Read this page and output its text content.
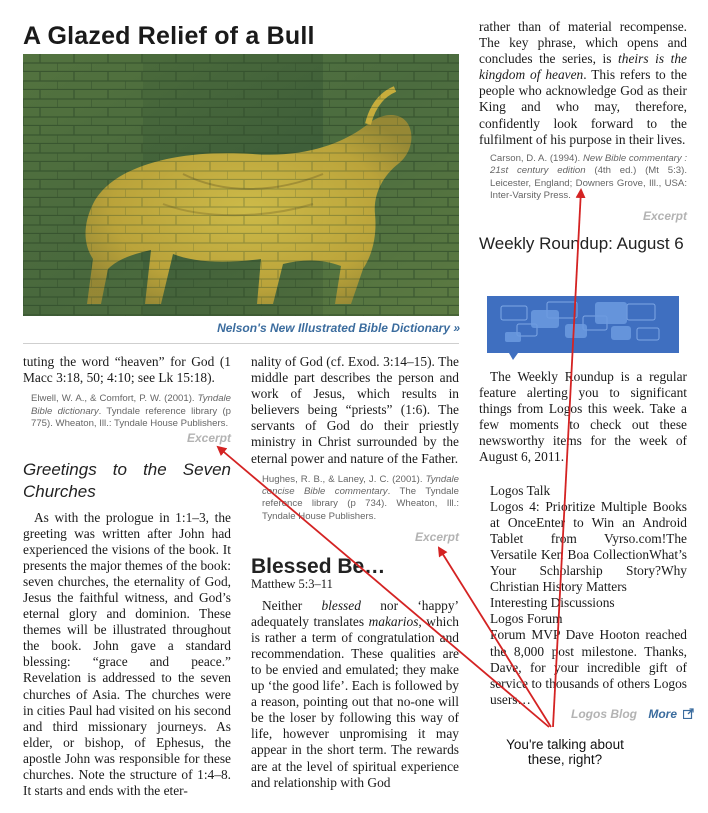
A Glazed Relief of a Bull
Nelson's New Illustrated Bible Dictionary »

tuting the word “heaven” for God (1 Macc 3:18, 50; 4:10; see Lk 15:18).

Elwell, W. A., & Comfort, P. W. (2001). Tyndale Bible dictionary. Tyndale reference library (p 775). Wheaton, Ill.: Tyndale House Publishers.
Excerpt
Greetings to the Seven Churches

As with the prologue in 1:1–3, the greeting was written after John had experienced the visions of the book. It presents the major themes of the book: seven churches, the eternality of God, Jesus the faithful witness, and God’s eternal glory and dominion. These themes will be illustrated throughout the book. John gave a standard blessing: “grace and peace.” Revelation is addressed to the seven churches of Asia. The churches were in cities Paul had visited on his second and third missionary journeys. As elder, or bishop, of Ephesus, the apostle John was responsible for these churches. Note the structure of 1:4–8. It starts and ends with the eter-

nality of God (cf. Exod. 3:14–15). The middle part describes the person and work of Jesus, which results in believers being “priests” (1:6). The servants of God do their priestly ministry in Christ surrounded by the eternal power and nature of the Father.

Hughes, R. B., & Laney, J. C. (2001). Tyndale concise Bible commentary. The Tyndale reference library (p 734). Wheaton, Ill.: Tyndale House Publishers.
Excerpt
Blessed Be…
Matthew 5:3–11

Neither blessed nor ‘happy’ adequately translates makarios, which is rather a term of congratulation and recommendation. These qualities are to be envied and emulated; they make up ‘the good life’. Each is followed by a reason, pointing out that no-one will be the loser by following this way of life, however unpromising it may appear in the short term. The rewards are at the level of spiritual experience and relationship with God

rather than of material recompense. The key phrase, which opens and concludes the series, is theirs is the kingdom of heaven. This refers to the people who acknowledge God as their King and who may, therefore, confidently look forward to the fulfilment of his purpose in their lives.

Carson, D. A. (1994). New Bible commentary : 21st century edition (4th ed.) (Mt 5:3). Leicester, England; Downers Grove, Ill., USA: Inter-Varsity Press.
Excerpt
Weekly Roundup: August 6

The Weekly Roundup is a regular feature alerting you to significant things from Logos this week. Take a few moments to check out these newsworthy items for the week of August 6, 2011.

Logos Talk
Logos 4: Prioritize Multiple Books at OnceEnter to Win an Android Tablet from Vyrso.com!The Versatile Ken Boa CollectionWhat’s Your Scholarship Story?Why Christian History Matters
Interesting Discussions
Logos Forum
Forum MVP Dave Hooton reached the 8,000 post milestone. Thanks, Dave, for your incredible gift of service to thousands of others Logos users…
Logos Blog More
You're talking about
these, right?
